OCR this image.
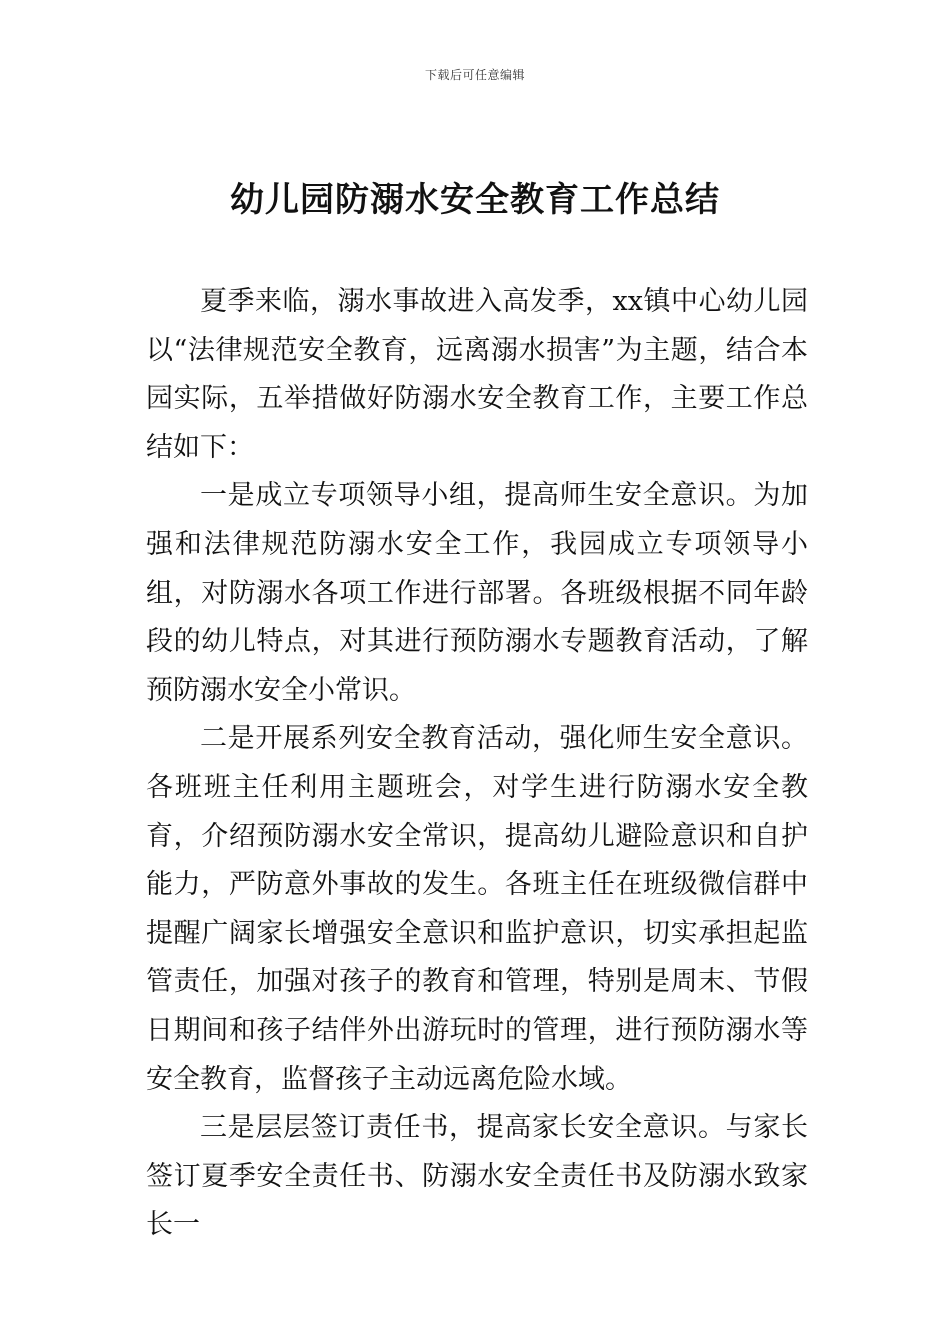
下载后可任意编辑
幼儿园防溺水安全教育工作总结

夏季来临，溺水事故进入高发季，xx镇中心幼儿园以“法律规范安全教育，远离溺水损害”为主题，结合本园实际，五举措做好防溺水安全教育工作，主要工作总结如下：

一是成立专项领导小组，提高师生安全意识。为加强和法律规范防溺水安全工作，我园成立专项领导小组，对防溺水各项工作进行部署。各班级根据不同年龄段的幼儿特点，对其进行预防溺水专题教育活动，了解预防溺水安全小常识。

二是开展系列安全教育活动，强化师生安全意识。各班班主任利用主题班会，对学生进行防溺水安全教育，介绍预防溺水安全常识，提高幼儿避险意识和自护能力，严防意外事故的发生。各班主任在班级微信群中提醒广阔家长增强安全意识和监护意识，切实承担起监管责任，加强对孩子的教育和管理，特别是周末、节假日期间和孩子结伴外出游玩时的管理，进行预防溺水等安全教育，监督孩子主动远离危险水域。

三是层层签订责任书，提高家长安全意识。与家长签订夏季安全责任书、防溺水安全责任书及防溺水致家长一
